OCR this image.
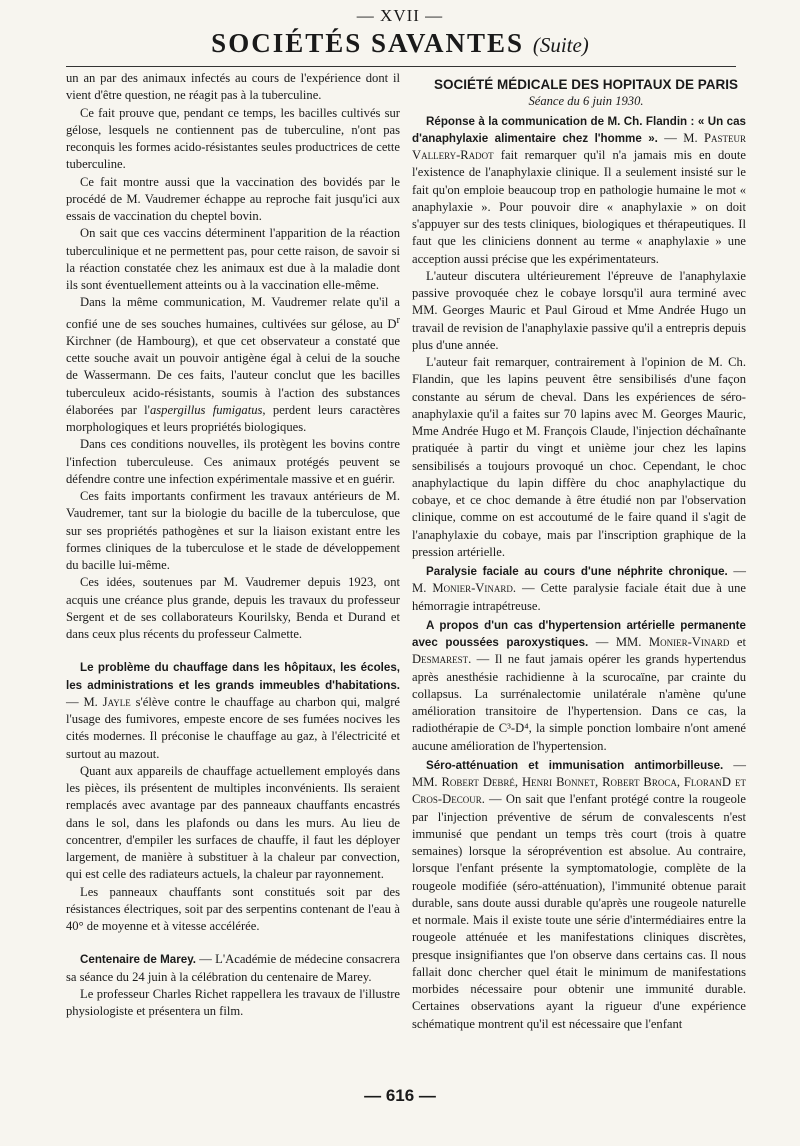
— XVII —
SOCIÉTÉS SAVANTES (Suite)

un an par des animaux infectés au cours de l'expérience dont il vient d'être question, ne réagit pas à la tuberculine.

Ce fait prouve que, pendant ce temps, les bacilles cultivés sur gélose, lesquels ne contiennent pas de tuberculine, n'ont pas reconquis les formes acido-résistantes seules productrices de cette tuberculine.

Ce fait montre aussi que la vaccination des bovidés par le procédé de M. Vaudremer échappe au reproche fait jusqu'ici aux essais de vaccination du cheptel bovin.

On sait que ces vaccins déterminent l'apparition de la réaction tuberculinique et ne permettent pas, pour cette raison, de savoir si la réaction constatée chez les animaux est due à la maladie dont ils sont éventuellement atteints ou à la vaccination elle-même.

Dans la même communication, M. Vaudremer relate qu'il a confié une de ses souches humaines, cultivées sur gélose, au $D^r$ Kirchner (de Hambourg), et que cet observateur a constaté que cette souche avait un pouvoir antigène égal à celui de la souche de Wassermann. De ces faits, l'auteur conclut que les bacilles tuberculeux acido-résistants, soumis à l'action des substances élaborées par l'aspergillus fumigatus, perdent leurs caractères morphologiques et leurs propriétés biologiques.

Dans ces conditions nouvelles, ils protègent les bovins contre l'infection tuberculeuse. Ces animaux protégés peuvent se défendre contre une infection expérimentale massive et en guérir.

Ces faits importants confirment les travaux antérieurs de M. Vaudremer, tant sur la biologie du bacille de la tuberculose, que sur ses propriétés pathogènes et sur la liaison existant entre les formes cliniques de la tuberculose et le stade de développement du bacille lui-même.

Ces idées, soutenues par M. Vaudremer depuis 1923, ont acquis une créance plus grande, depuis les travaux du professeur Sergent et de ses collaborateurs Kourilsky, Benda et Durand et dans ceux plus récents du professeur Calmette.

Le problème du chauffage dans les hôpitaux, les écoles, les administrations et les grands immeubles d'habitations. — M. Jayle s'élève contre le chauffage au charbon qui, malgré l'usage des fumivores, empeste encore de ses fumées nocives les cités modernes. Il préconise le chauffage au gaz, à l'électricité et surtout au mazout.

Quant aux appareils de chauffage actuellement employés dans les pièces, ils présentent de multiples inconvénients. Ils seraient remplacés avec avantage par des panneaux chauffants encastrés dans le sol, dans les plafonds ou dans les murs. Au lieu de concentrer, d'empiler les surfaces de chauffe, il faut les déployer largement, de manière à substituer à la chaleur par convection, qui est celle des radiateurs actuels, la chaleur par rayonnement.

Les panneaux chauffants sont constitués soit par des résistances électriques, soit par des serpentins contenant de l'eau à 40° de moyenne et à vitesse accélérée.

Centenaire de Marey. — L'Académie de médecine consacrera sa séance du 24 juin à la célébration du centenaire de Marey.

Le professeur Charles Richet rappellera les travaux de l'illustre physiologiste et présentera un film.

SOCIÉTÉ MÉDICALE DES HOPITAUX DE PARIS

Séance du 6 juin 1930.

Réponse à la communication de M. Ch. Flandin : « Un cas d'anaphylaxie alimentaire chez l'homme ». — M. Pasteur Vallery-Radot fait remarquer qu'il n'a jamais mis en doute l'existence de l'anaphylaxie clinique. Il a seulement insisté sur le fait qu'on emploie beaucoup trop en pathologie humaine le mot « anaphylaxie ». Pour pouvoir dire « anaphylaxie » on doit s'appuyer sur des tests cliniques, biologiques et thérapeutiques. Il faut que les cliniciens donnent au terme « anaphylaxie » une acception aussi précise que les expérimentateurs.

L'auteur discutera ultérieurement l'épreuve de l'anaphylaxie passive provoquée chez le cobaye lorsqu'il aura terminé avec MM. Georges Mauric et Paul Giroud et Mme Andrée Hugo un travail de revision de l'anaphylaxie passive qu'il a entrepris depuis plus d'une année.

L'auteur fait remarquer, contrairement à l'opinion de M. Ch. Flandin, que les lapins peuvent être sensibilisés d'une façon constante au sérum de cheval. Dans les expériences de séro-anaphylaxie qu'il a faites sur 70 lapins avec M. Georges Mauric, Mme Andrée Hugo et M. François Claude, l'injection déchaînante pratiquée à partir du vingt et unième jour chez les lapins sensibilisés a toujours provoqué un choc. Cependant, le choc anaphylactique du lapin diffère du choc anaphylactique du cobaye, et ce choc demande à être étudié non par l'observation clinique, comme on est accoutumé de le faire quand il s'agit de l'anaphylaxie du cobaye, mais par l'inscription graphique de la pression artérielle.

Paralysie faciale au cours d'une néphrite chronique. — M. Monier-Vinard. — Cette paralysie faciale était due à une hémorragie intrapétreuse.

A propos d'un cas d'hypertension artérielle permanente avec poussées paroxystiques. — MM. Monier-Vinard et Desmarest. — Il ne faut jamais opérer les grands hypertendus après anesthésie rachidienne à la scurocaïne, par crainte du collapsus. La surrénalectomie unilatérale n'amène qu'une amélioration transitoire de l'hypertension. Dans ce cas, la radiothérapie de C³-D⁴, la simple ponction lombaire n'ont amené aucune amélioration de l'hypertension.

Séro-atténuation et immunisation antimorbilleuse. — MM. Robert Debré, Henri Bonnet, Robert Broca, FloranD et Cros-Decour. — On sait que l'enfant protégé contre la rougeole par l'injection préventive de sérum de convalescents n'est immunisé que pendant un temps très court (trois à quatre semaines) lorsque la séroprévention est absolue. Au contraire, lorsque l'enfant présente la symptomatologie, complète de la rougeole modifiée (séro-atténuation), l'immunité obtenue parait durable, sans doute aussi durable qu'après une rougeole naturelle et normale. Mais il existe toute une série d'intermédiaires entre la rougeole atténuée et les manifestations cliniques discrètes, presque insignifiantes que l'on observe dans certains cas. Il nous fallait donc chercher quel était le minimum de manifestations morbides nécessaire pour obtenir une immunité durable. Certaines observations ayant la rigueur d'une expérience schématique montrent qu'il est nécessaire que l'enfant

— 616 —
